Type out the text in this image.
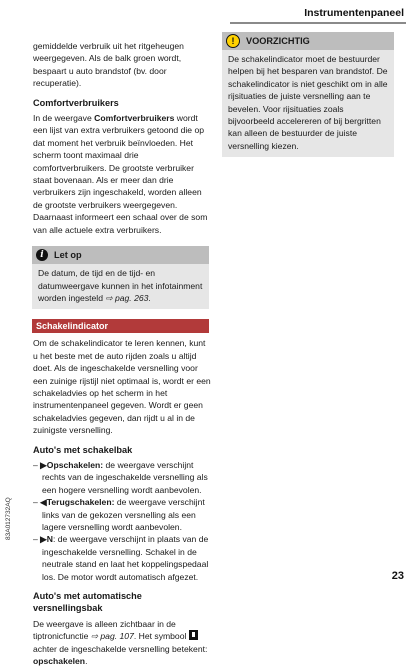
Instrumentenpaneel

gemiddelde verbruik uit het ritgeheugen weergegeven. Als de balk groen wordt, bespaart u auto brandstof (bv. door recuperatie).

Comfortverbruikers

In de weergave Comfortverbruikers wordt een lijst van extra verbruikers getoond die op dat moment het verbruik beïnvloeden. Het scherm toont maximaal drie comfortverbruikers. De grootste verbruiker staat bovenaan. Als er meer dan drie verbruikers zijn ingeschakeld, worden alleen de grootste verbruikers weergegeven. Daarnaast informeert een schaal over de som van alle actuele extra verbruikers.

i	Let op
De datum, de tijd en de tijd- en datumweergave kunnen in het infotainment worden ingesteld ⇨ pag. 263.
Schakelindicator

Om de schakelindicator te leren kennen, kunt u het beste met de auto rijden zoals u altijd doet. Als de ingeschakelde versnelling voor een zuinige rijstijl niet optimaal is, wordt er een schakeladvies op het scherm in het instrumentenpaneel gegeven. Wordt er geen schakeladvies gegeven, dan rijdt u al in de zuinigste versnelling.

Auto's met schakelbak

– ▶Opschakelen: de weergave verschijnt rechts van de ingeschakelde versnelling als een hogere versnelling wordt aanbevolen.
– ◀Terugschakelen: de weergave verschijnt links van de gekozen versnelling als een lagere versnelling wordt aanbevolen.
– ▶N: de weergave verschijnt in plaats van de ingeschakelde versnelling. Schakel in de neutrale stand en laat het koppelingspedaal los. De motor wordt automatisch afgezet.

Auto's met automatische versnellingsbak

De weergave is alleen zichtbaar in de tiptronicfunctie ⇨ pag. 107. Het symbool  achter de ingeschakelde versnelling betekent: opschakelen.

!	VOORZICHTIG
De schakelindicator moet de bestuurder helpen bij het besparen van brandstof. De schakelindicator is niet geschikt om in alle rijsituaties de juiste versnelling aan te bevelen. Voor rijsituaties zoals bijvoorbeeld accelereren of bij bergritten kan alleen de bestuurder de juiste versnelling kiezen.
83A012732AQ
23
